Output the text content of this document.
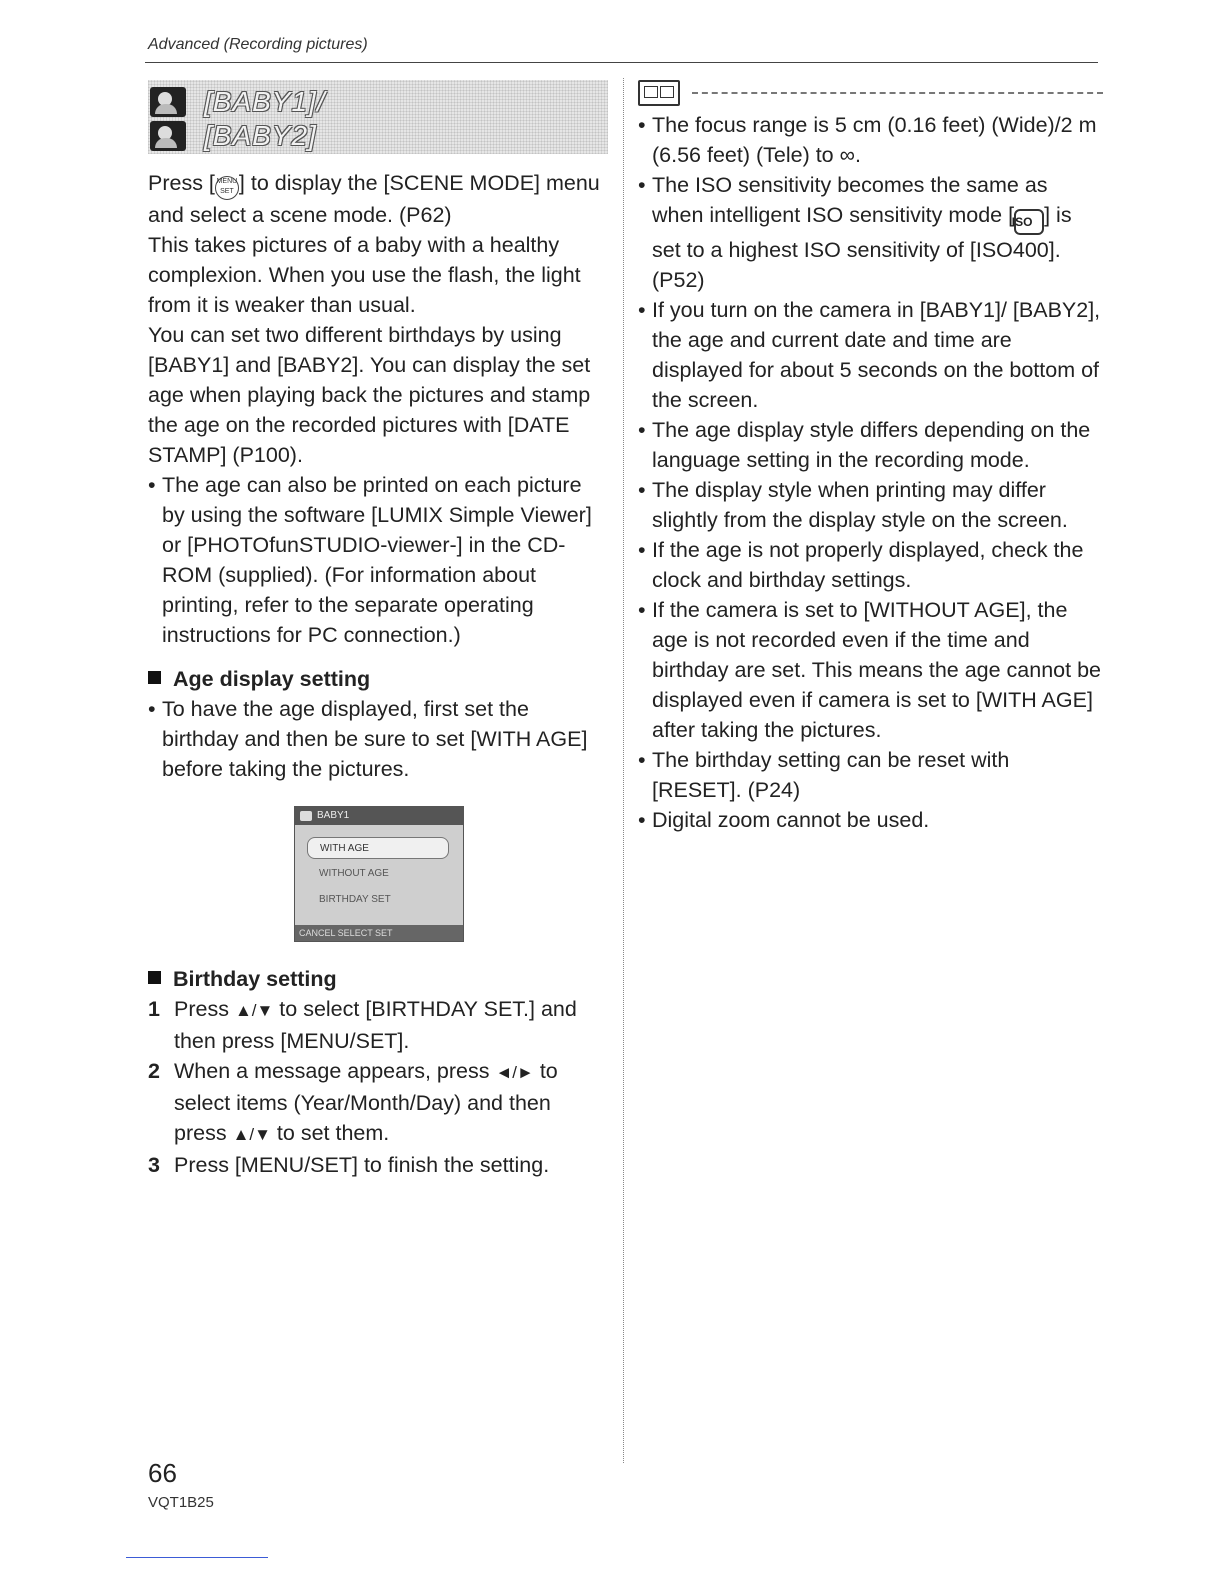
Advanced (Recording pictures)
[BABY1]/
[BABY2]

Press [ MENU SET ] to display the [SCENE MODE] menu and select a scene mode. (P62)

This takes pictures of a baby with a healthy complexion. When you use the flash, the light from it is weaker than usual.

You can set two different birthdays by using [BABY1] and [BABY2]. You can display the set age when playing back the pictures and stamp the age on the recorded pictures with [DATE STAMP] (P100).

• The age can also be printed on each picture by using the software [LUMIX Simple Viewer] or [PHOTOfunSTUDIO-viewer-] in the CD-ROM (supplied). (For information about printing, refer to the separate operating instructions for PC connection.)
Age display setting
• To have the age displayed, first set the birthday and then be sure to set [WITH AGE] before taking the pictures.
BABY1
WITH AGE
WITHOUT AGE
BIRTHDAY SET
CANCEL SELECT SET
Birthday setting
1 Press ▲/▼ to select [BIRTHDAY SET.] and then press [MENU/SET].
2 When a message appears, press ◄/► to select items (Year/Month/Day) and then press ▲/▼ to set them.
3 Press [MENU/SET] to finish the setting.
• The focus range is 5 cm (0.16 feet) (Wide)/2 m (6.56 feet) (Tele) to ∞.
• The ISO sensitivity becomes the same as when intelligent ISO sensitivity mode [ISO ] is set to a highest ISO sensitivity of [ISO400]. (P52)
• If you turn on the camera in [BABY1]/ [BABY2], the age and current date and time are displayed for about 5 seconds on the bottom of the screen.
• The age display style differs depending on the language setting in the recording mode.
• The display style when printing may differ slightly from the display style on the screen.
• If the age is not properly displayed, check the clock and birthday settings.
• If the camera is set to [WITHOUT AGE], the age is not recorded even if the time and birthday are set. This means the age cannot be displayed even if camera is set to [WITH AGE] after taking the pictures.
• The birthday setting can be reset with [RESET]. (P24)
• Digital zoom cannot be used.
66
VQT1B25
